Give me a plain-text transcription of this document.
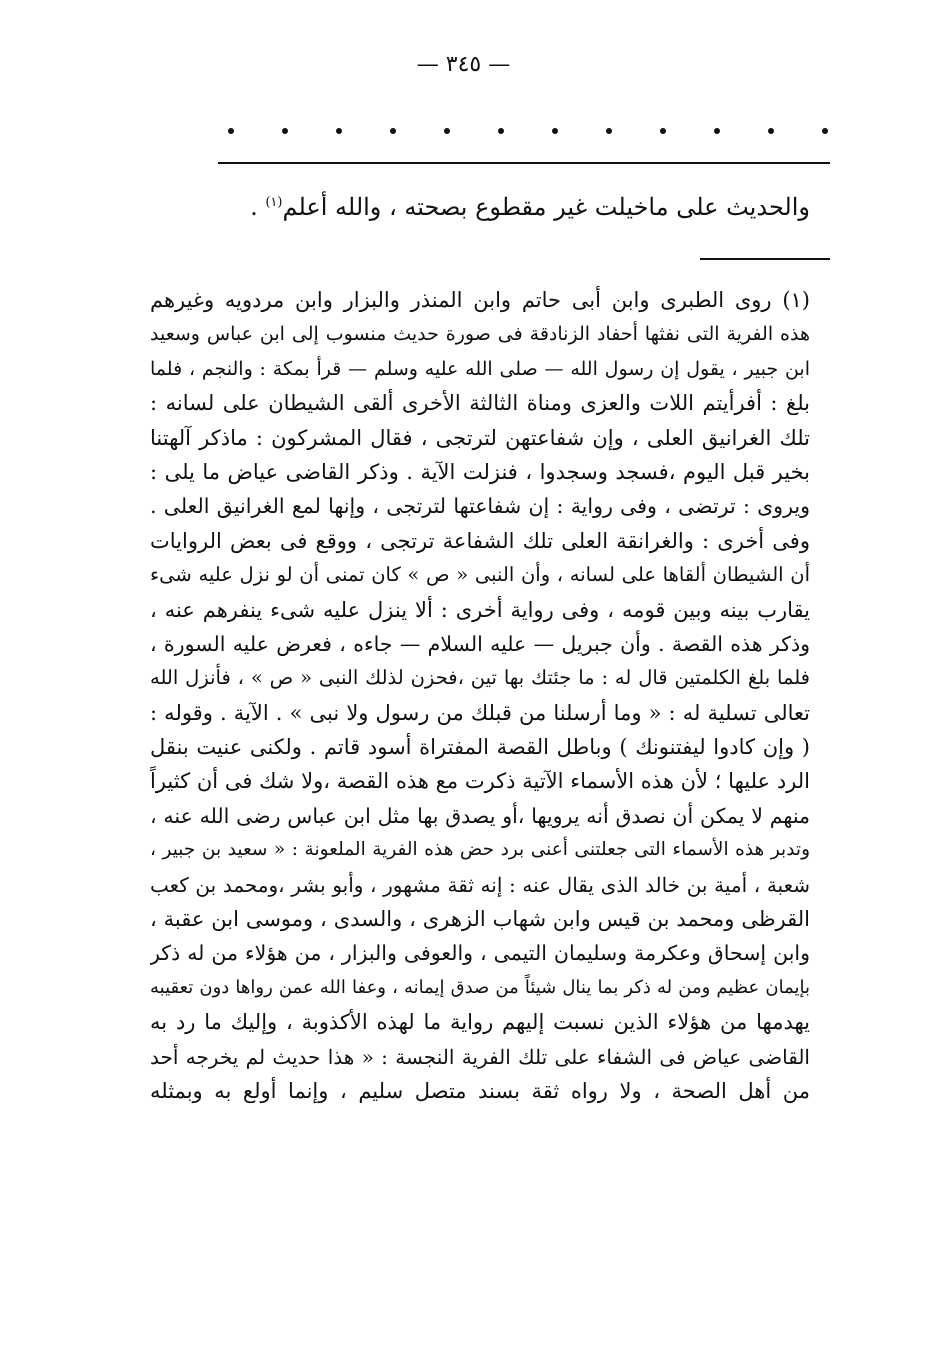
— ٣٤٥ —
والحديث على ماخيلت غير مقطوع بصحته ، والله أعلم$^{(١)}$ .
(١) روى الطبرى وابن أبى حاتم وابن المنذر والبزار وابن مردويه وغيرهم
هذه الفرية التى نفثها أحفاد الزنادقة فى صورة حديث منسوب إلى ابن عباس وسعيد
ابن جبير ، يقول إن رسول الله — صلى الله عليه وسلم — قرأ بمكة : والنجم ، فلما
بلغ : أفرأيتم اللات والعزى ومناة الثالثة الأخرى ألقى الشيطان على لسانه :
تلك الغرانيق العلى ، وإن شفاعتهن لترتجى ، فقال المشركون : ماذكر آلهتنا
بخير قبل اليوم ،فسجد وسجدوا ، فنزلت الآية . وذكر القاضى عياض ما يلى :
ويروى : ترتضى ، وفى رواية : إن شفاعتها لترتجى ، وإنها لمع الغرانيق العلى .
وفى أخرى : والغرانقة العلى تلك الشفاعة ترتجى ، ووقع فى بعض الروايات
أن الشيطان ألقاها على لسانه ، وأن النبى « ص » كان تمنى أن لو نزل عليه شىء
يقارب بينه وبين قومه ، وفى رواية أخرى : ألا ينزل عليه شىء ينفرهم عنه ،
وذكر هذه القصة . وأن جبريل — عليه السلام — جاءه ، فعرض عليه السورة ،
فلما بلغ الكلمتين قال له : ما جئتك بها تين ،فحزن لذلك النبى « ص » ، فأنزل الله
تعالى تسلية له : « وما أرسلنا من قبلك من رسول ولا نبى » . الآية . وقوله :
( وإن كادوا ليفتنونك ) وباطل القصة المفتراة أسود قاتم . ولكنى عنيت بنقل
الرد عليها ؛ لأن هذه الأسماء الآتية ذكرت مع هذه القصة ،ولا شك فى أن كثيراً
منهم لا يمكن أن نصدق أنه يرويها ،أو يصدق بها مثل ابن عباس رضى الله عنه ،
وتدبر هذه الأسماء التى جعلتنى أعنى برد حض هذه الفرية الملعونة : « سعيد بن جبير ،
شعبة ، أمية بن خالد الذى يقال عنه : إنه ثقة مشهور ، وأبو بشر ،ومحمد بن كعب
القرظى ومحمد بن قيس وابن شهاب الزهرى ، والسدى ، وموسى ابن عقبة ،
وابن إسحاق وعكرمة وسليمان التيمى ، والعوفى والبزار ، من هؤلاء من له ذكر
بإيمان عظيم ومن له ذكر بما ينال شيئاً من صدق إيمانه ، وعفا الله عمن رواها دون تعقيبه
يهدمها من هؤلاء الذين نسبت إليهم رواية ما لهذه الأكذوبة ، وإليك ما رد به
القاضى عياض فى الشفاء على تلك الفرية النجسة : « هذا حديث لم يخرجه أحد
من أهل الصحة ، ولا رواه ثقة بسند متصل سليم ، وإنما أولع به وبمثله
